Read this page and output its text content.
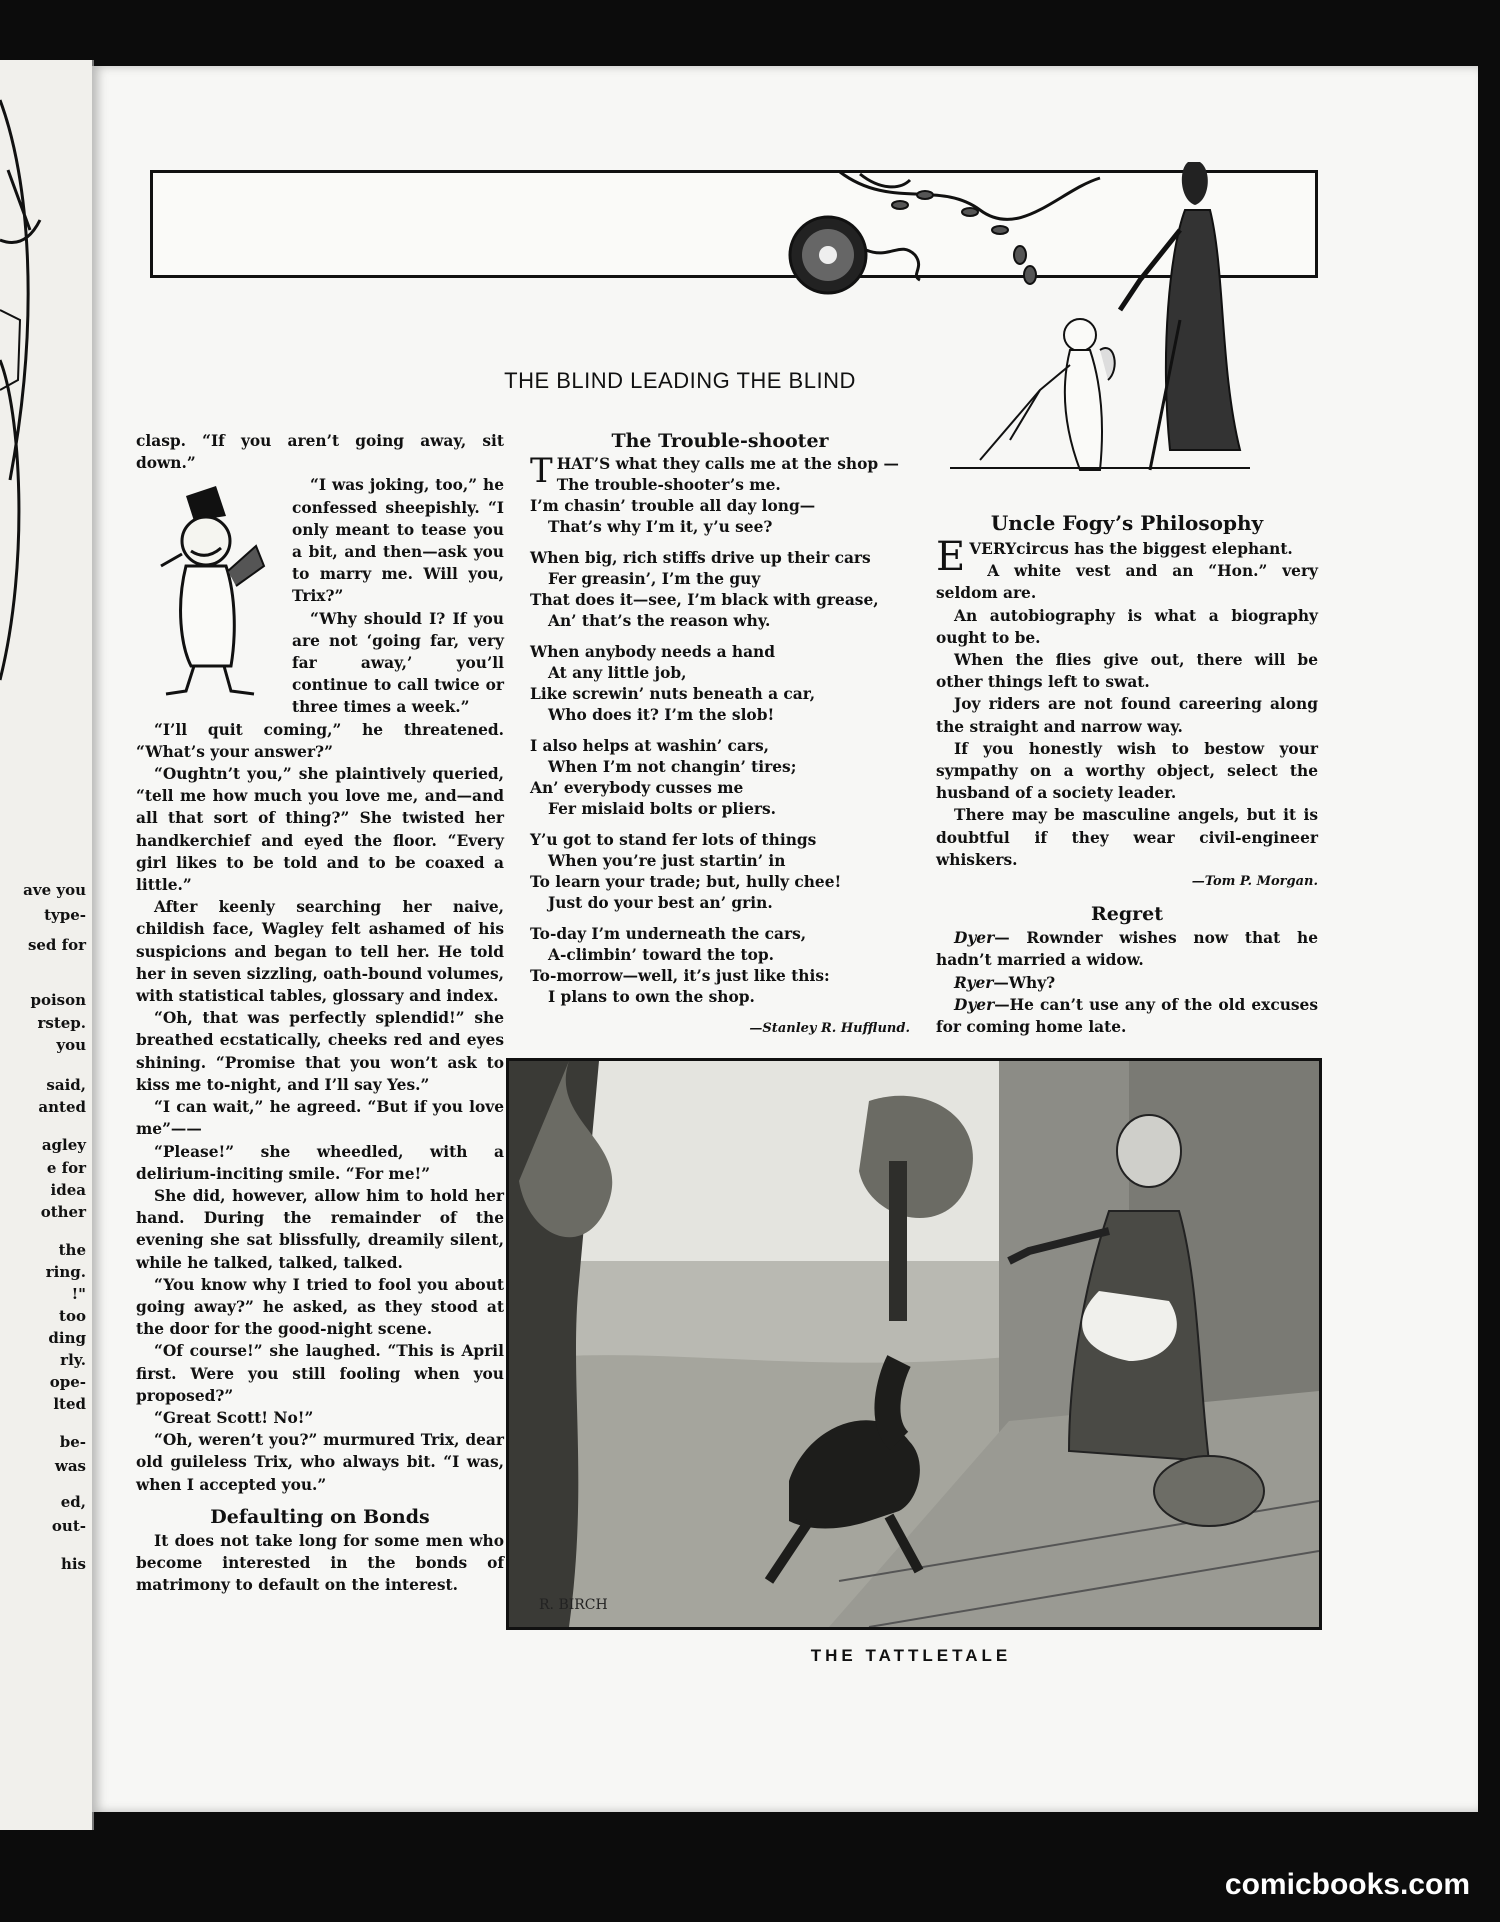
ave you
type-
sed for
poison
rstep.
you
said,
anted
agley
e for
idea
other
the
ring.
!"
too
ding
rly.
ope-
lted
be-
was
ed,
out-
his
THE BLIND LEADING THE BLIND

clasp. “If you aren’t going away, sit down.”

“I was joking, too,” he confessed sheepishly. “I only meant to tease you a bit, and then—ask you to marry me. Will you, Trix?”

“Why should I? If you are not ‘going far, very far away,’ you’ll continue to call twice or three times a week.”

“I’ll quit coming,” he threatened. “What’s your answer?”

“Oughtn’t you,” she plaintively queried, “tell me how much you love me, and—and all that sort of thing?” She twisted her handkerchief and eyed the floor. “Every girl likes to be told and to be coaxed a little.”

After keenly searching her naive, childish face, Wagley felt ashamed of his suspicions and began to tell her. He told her in seven sizzling, oath-bound volumes, with statistical tables, glossary and index.

“Oh, that was perfectly splendid!” she breathed ecstatically, cheeks red and eyes shining. “Promise that you won’t ask to kiss me to-night, and I’ll say Yes.”

“I can wait,” he agreed. “But if you love me”——

“Please!” she wheedled, with a delirium-inciting smile. “For me!”

She did, however, allow him to hold her hand. During the remainder of the evening she sat blissfully, dreamily silent, while he talked, talked, talked.

“You know why I tried to fool you about going away?” he asked, as they stood at the door for the good-night scene.

“Of course!” she laughed. “This is April first. Were you still fooling when you proposed?”

“Great Scott! No!”

“Oh, weren’t you?” murmured Trix, dear old guileless Trix, who always bit. “I was, when I accepted you.”

Defaulting on Bonds

It does not take long for some men who become interested in the bonds of matrimony to default on the interest.

The Trouble-shooter
THAT’S what they calls me at the shop —
The trouble-shooter’s me.
I’m chasin’ trouble all day long—
That’s why I’m it, y’u see?
When big, rich stiffs drive up their cars
Fer greasin’, I’m the guy
That does it—see, I’m black with grease,
An’ that’s the reason why.
When anybody needs a hand
At any little job,
Like screwin’ nuts beneath a car,
Who does it? I’m the slob!
I also helps at washin’ cars,
When I’m not changin’ tires;
An’ everybody cusses me
Fer mislaid bolts or pliers.
Y’u got to stand fer lots of things
When you’re just startin’ in
To learn your trade; but, hully chee!
Just do your best an’ grin.
To-day I’m underneath the cars,
A-climbin’ toward the top.
To-morrow—well, it’s just like this:
I plans to own the shop.
—Stanley R. Hufflund.
Uncle Fogy’s Philosophy

E VERYcircus has the biggest elephant.

A white vest and an “Hon.” very seldom are.

An autobiography is what a biography ought to be.

When the flies give out, there will be other things left to swat.

Joy riders are not found careering along the straight and narrow way.

If you honestly wish to bestow your sympathy on a worthy object, select the husband of a society leader.

There may be masculine angels, but it is doubtful if they wear civil-engineer whiskers.

—Tom P. Morgan.
Regret

Dyer— Rownder wishes now that he hadn’t married a widow.

Ryer—Why?

Dyer—He can’t use any of the old excuses for coming home late.

R. BIRCH
THE TATTLETALE
comicbooks.com
